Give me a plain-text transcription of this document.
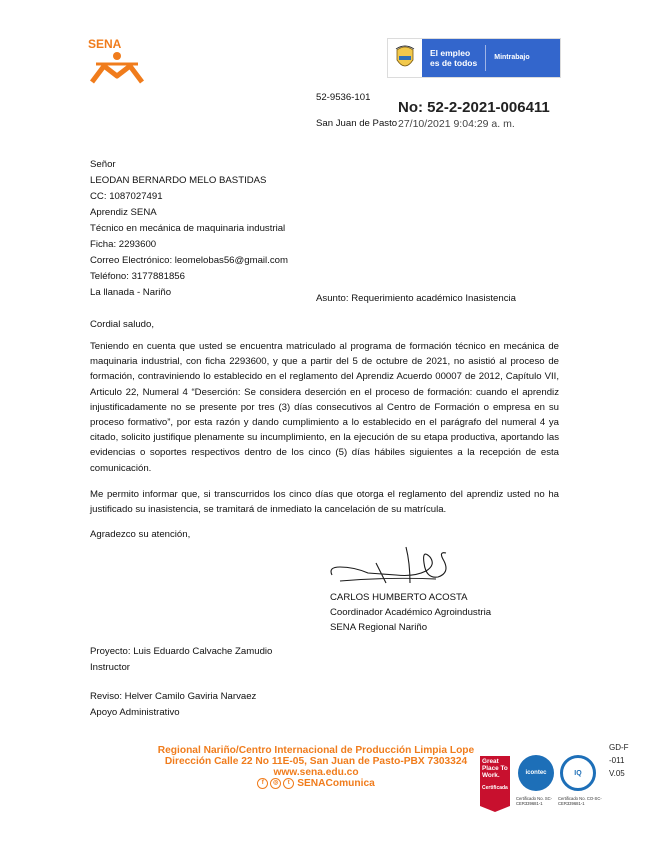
SENA
El empleo
es de todos
Mintrabajo
52-9536-101
No: 52-2-2021-006411
San Juan de Pasto 27/10/2021 9:04:29 a. m.
Señor
LEODAN BERNARDO MELO BASTIDAS
CC: 1087027491
Aprendiz SENA
Técnico en mecánica de maquinaria industrial
Ficha: 2293600
Correo Electrónico: leomelobas56@gmail.com
Teléfono: 3177881856
La llanada - Nariño
Asunto: Requerimiento académico Inasistencia
Cordial saludo,
Teniendo en cuenta que usted se encuentra matriculado al programa de formación técnico en mecánica de maquinaria industrial, con ficha 2293600, y que a partir del 5 de octubre de 2021, no asistió al proceso de formación, contraviniendo lo establecido en el reglamento del Aprendiz Acuerdo 00007 de 2012, Capítulo VII, Articulo 22, Numeral 4 “Deserción: Se considera deserción en el proceso de formación: cuando el aprendiz injustificadamente no se presente por tres (3) días consecutivos al Centro de Formación o empresa en su proceso formativo”, por esta razón y dando cumplimiento a lo establecido en el parágrafo del numeral 4 ya citado, solicito justifique plenamente su incumplimiento, en la ejecución de su etapa productiva, aportando las evidencias o soportes respectivos dentro de los cinco (5) días hábiles siguientes a la recepción de esta comunicación.
Me permito informar que, si transcurridos los cinco días que otorga el reglamento del aprendiz usted no ha justificado su inasistencia, se tramitará de inmediato la cancelación de su matrícula.
Agradezco su atención,
CARLOS HUMBERTO ACOSTA
Coordinador Académico Agroindustria
SENA Regional Nariño
Proyecto: Luis Eduardo Calvache Zamudio
Instructor
Reviso: Helver Camilo Gaviria Narvaez
Apoyo Administrativo
Regional Nariño/Centro Internacional de Producción Limpia Lope
Dirección Calle 22 No 11E-05, San Juan de Pasto-PBX 7303324
www.sena.edu.co
f	◎	t SENAComunica
Great Place To Work.
Certificada
icontec
Certificado No. SC-CER339681-1
IQ
Certificado No. CO-SC-CER339681-1
GD-F-011 V.05
